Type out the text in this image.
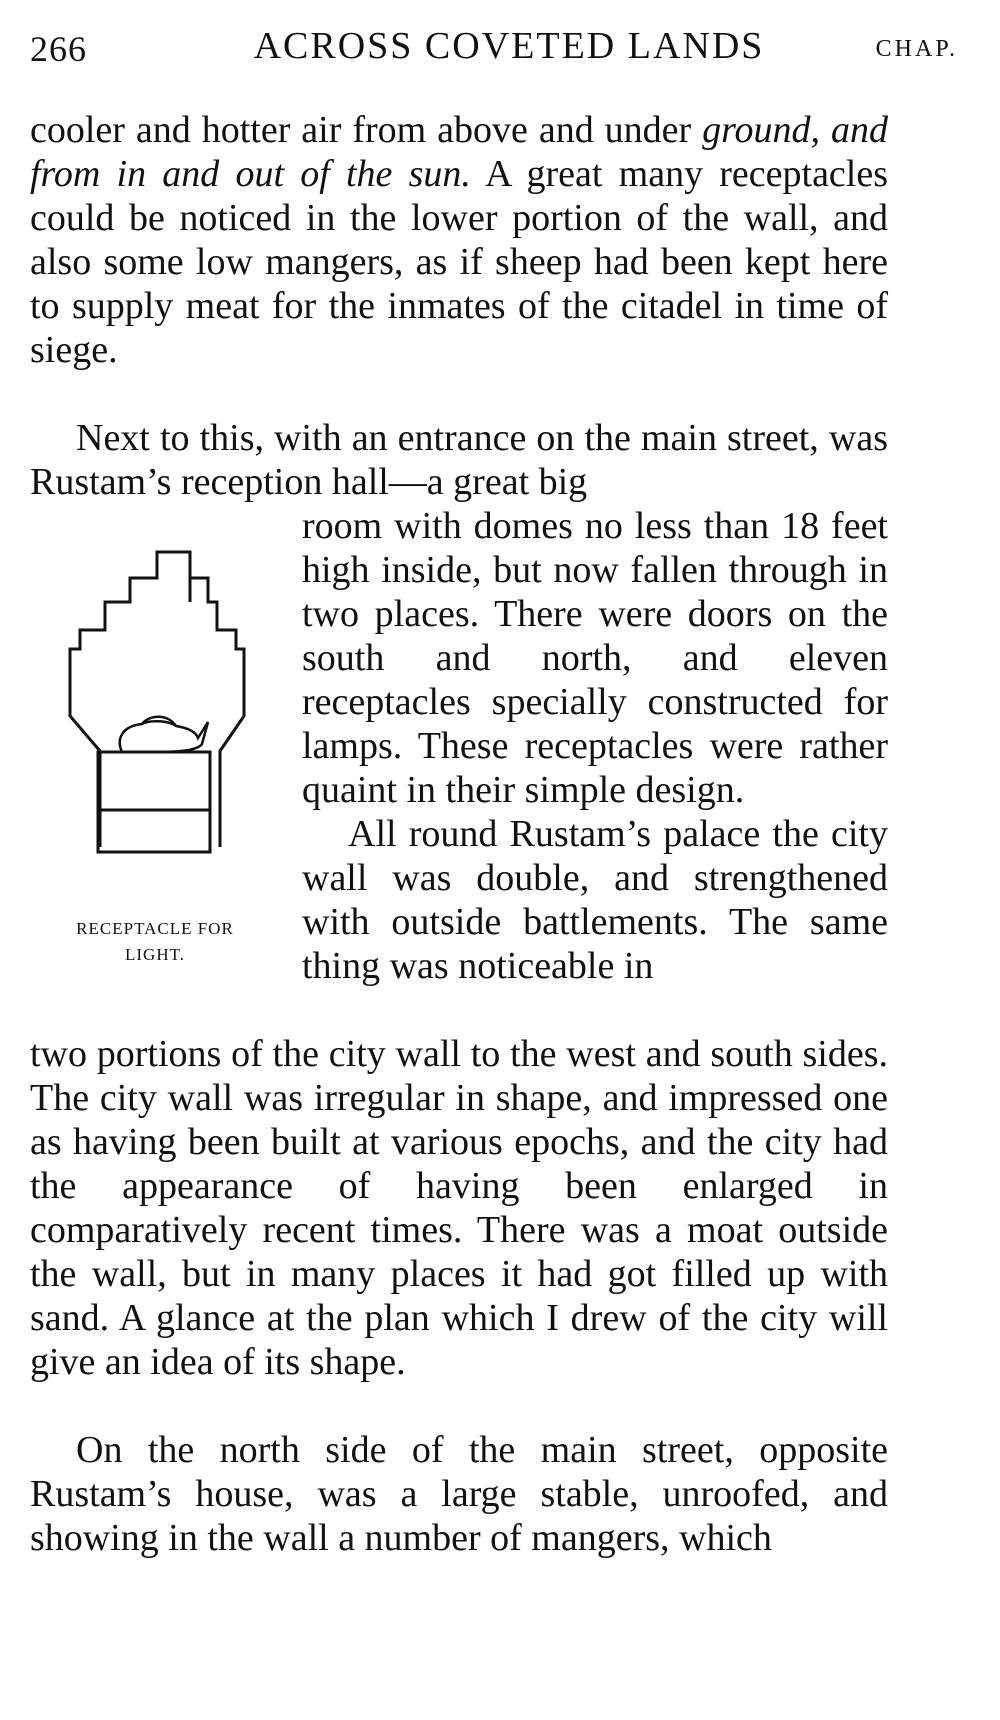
266	ACROSS COVETED LANDS	CHAP.

cooler and hotter air from above and under ground, and from in and out of the sun. A great many receptacles could be noticed in the lower portion of the wall, and also some low mangers, as if sheep had been kept here to supply meat for the inmates of the citadel in time of siege.

Next to this, with an entrance on the main street, was Rustam’s reception hall—a great big

RECEPTACLE FOR
LIGHT.

room with domes no less than 18 feet high inside, but now fallen through in two places. There were doors on the south and north, and eleven receptacles specially constructed for lamps. These receptacles were rather quaint in their simple design.

All round Rustam’s palace the city wall was double, and strengthened with outside battlements. The same thing was noticeable in

two portions of the city wall to the west and south sides. The city wall was irregular in shape, and impressed one as having been built at various epochs, and the city had the appearance of having been enlarged in comparatively recent times. There was a moat outside the wall, but in many places it had got filled up with sand. A glance at the plan which I drew of the city will give an idea of its shape.

On the north side of the main street, opposite Rustam’s house, was a large stable, unroofed, and showing in the wall a number of mangers, which
